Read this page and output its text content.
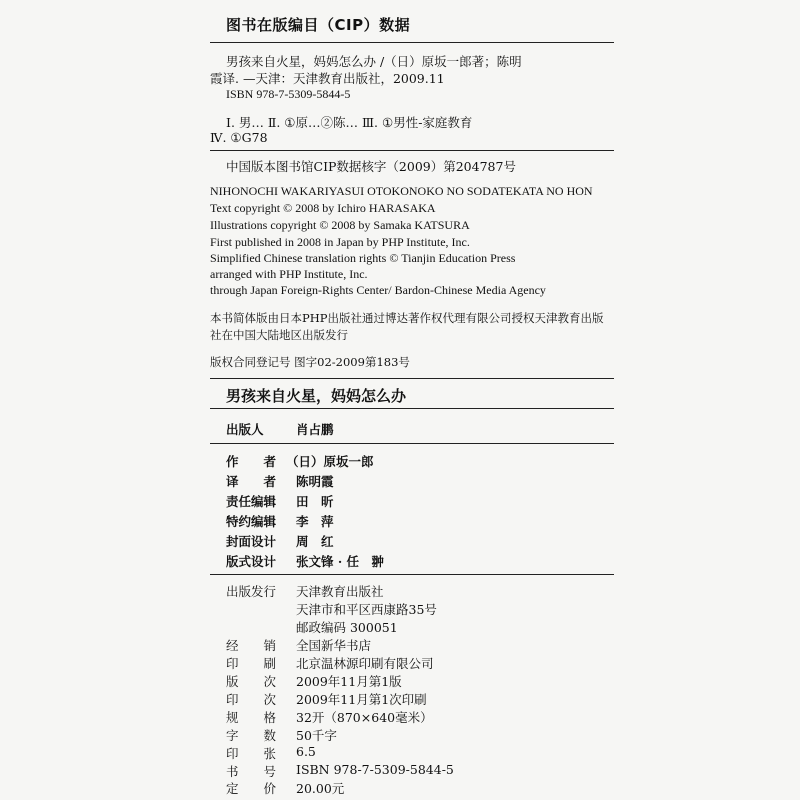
图书在版编目（CIP）数据
男孩来自火星，妈妈怎么办 /（日）原坂一郎著；陈明
霞译. —天津：天津教育出版社，2009.11
ISBN 978-7-5309-5844-5
Ⅰ. 男… Ⅱ. ①原…②陈… Ⅲ. ①男性-家庭教育
Ⅳ. ①G78
中国版本图书馆CIP数据核字（2009）第204787号
NIHONOCHI WAKARIYASUI OTOKONOKO NO SODATEKATA NO HON
Text copyright © 2008 by Ichiro HARASAKA
Illustrations copyright © 2008 by Samaka KATSURA
First published in 2008 in Japan by PHP Institute, Inc.
Simplified Chinese translation rights © Tianjin Education Press
arranged with PHP Institute, Inc.
through Japan Foreign-Rights Center/ Bardon-Chinese Media Agency
本书简体版由日本PHP出版社通过博达著作权代理有限公司授权天津教育出版
社在中国大陆地区出版发行
版权合同登记号 图字02-2009第183号
男孩来自火星，妈妈怎么办
出版人	肖占鹏
作　　者 （日）原坂一郎
译　　者 陈明霞
责任编辑 田　昕
特约编辑 李　萍
封面设计 周　红
版式设计 张文锋 · 任　翀
出版发行 天津教育出版社
天津市和平区西康路35号
邮政编码 300051
经　　销 全国新华书店
印　　刷 北京温林源印刷有限公司
版　　次 2009年11月第1版
印　　次 2009年11月第1次印刷
规　　格 32开（870×640毫米）
字　　数 50千字
印　　张 6.5
书　　号 ISBN 978-7-5309-5844-5
定　　价 20.00元
